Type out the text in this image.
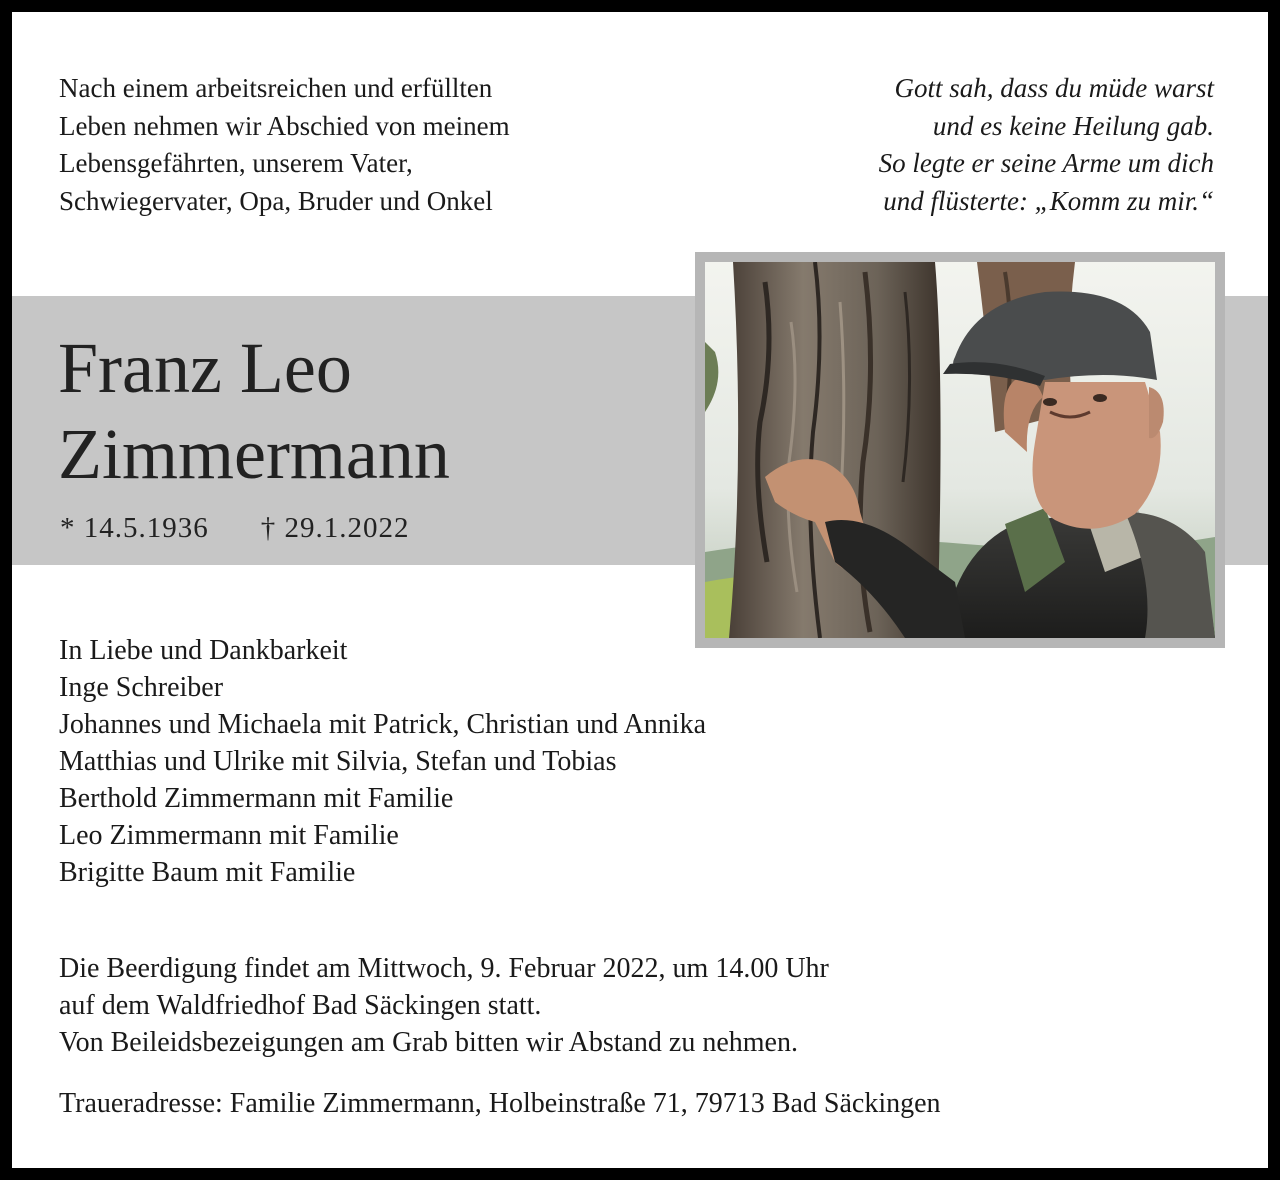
Nach einem arbeitsreichen und erfüllten
Leben nehmen wir Abschied von meinem
Lebensgefährten, unserem Vater,
Schwiegervater, Opa, Bruder und Onkel
Gott sah, dass du müde warst
und es keine Heilung gab.
So legte er seine Arme um dich
und flüsterte: „Komm zu mir.“
Franz Leo
Zimmermann
* 14.5.1936 † 29.1.2022
In Liebe und Dankbarkeit
Inge Schreiber
Johannes und Michaela mit Patrick, Christian und Annika
Matthias und Ulrike mit Silvia, Stefan und Tobias
Berthold Zimmermann mit Familie
Leo Zimmermann mit Familie
Brigitte Baum mit Familie
Die Beerdigung findet am Mittwoch, 9. Februar 2022, um 14.00 Uhr
auf dem Waldfriedhof Bad Säckingen statt.
Von Beileidsbezeigungen am Grab bitten wir Abstand zu nehmen.
Traueradresse: Familie Zimmermann, Holbeinstraße 71, 79713 Bad Säckingen
